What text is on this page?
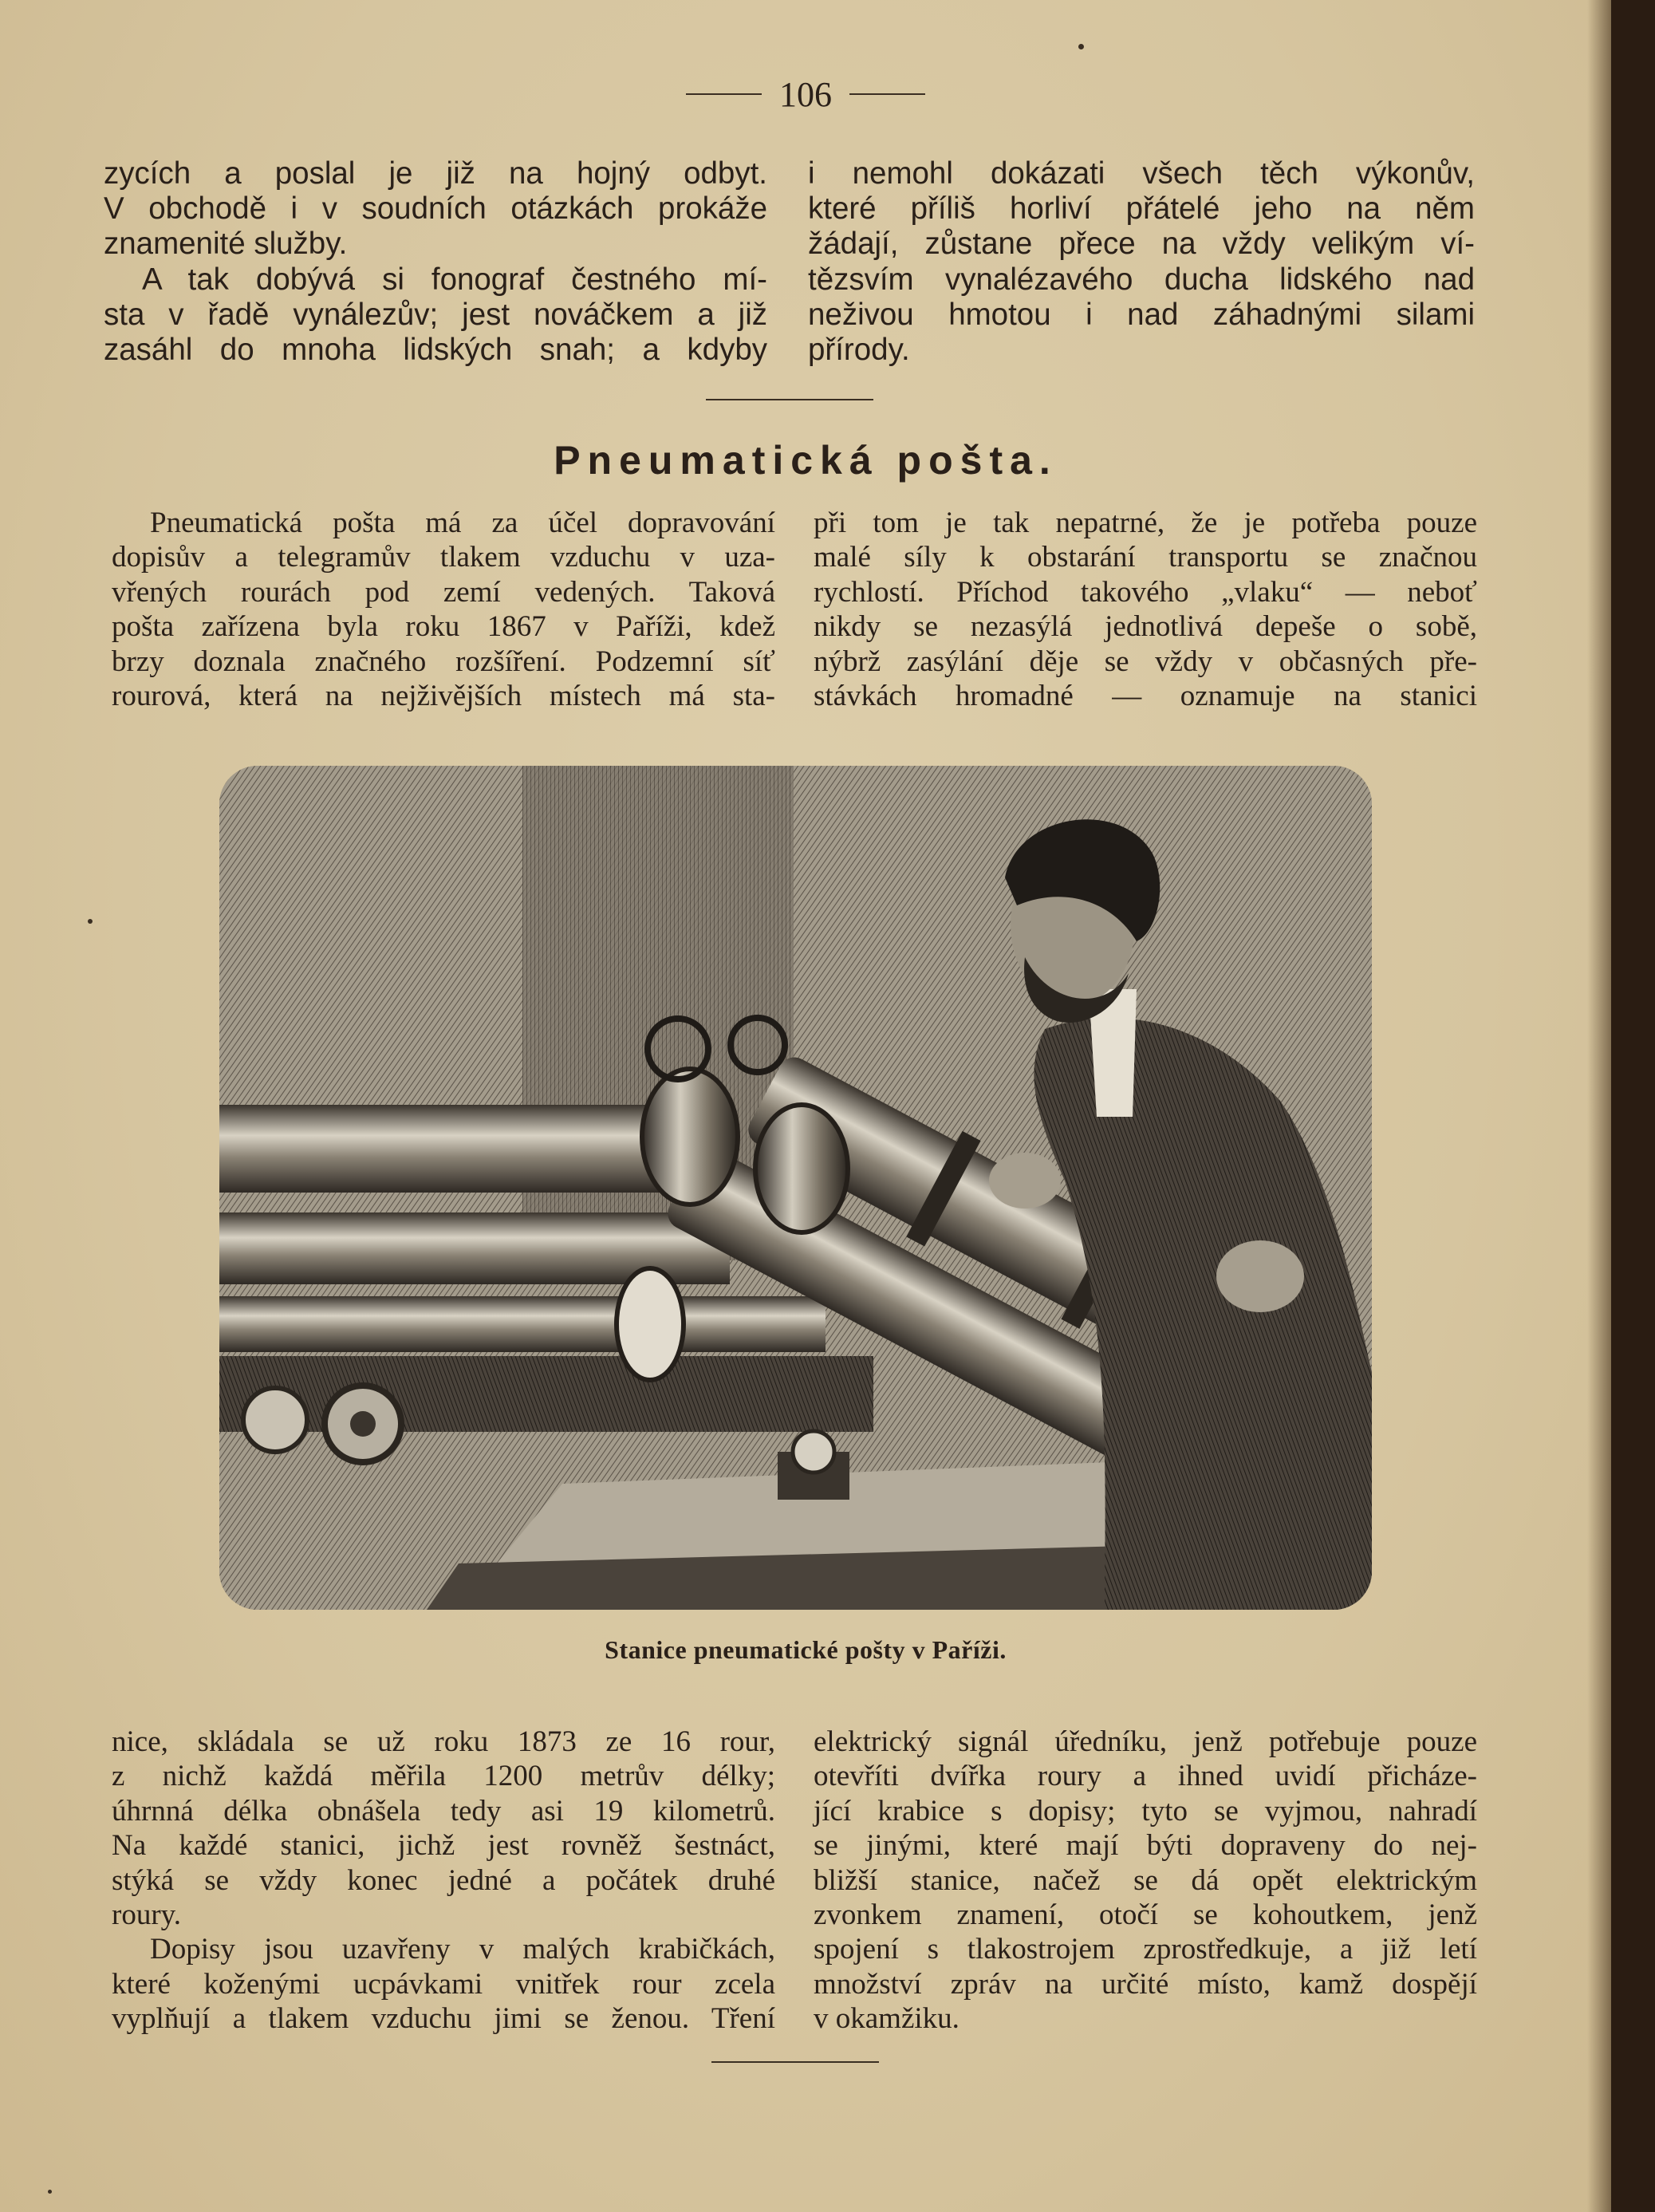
106

zycích a poslal je již na hojný odbyt.

V obchodě i v soudních otázkách prokáže

znamenité služby.

A tak dobývá si fonograf čestného mí-

sta v řadě vynálezův; jest nováčkem a již

zasáhl do mnoha lidských snah; a kdyby

i nemohl dokázati všech těch výkonův,

které příliš horliví přátelé jeho na něm

žádají, zůstane přece na vždy velikým ví-

tězsvím vynalézavého ducha lidského nad

neživou hmotou i nad záhadnými silami

přírody.

Pneumatická pošta.

Pneumatická pošta má za účel dopravování

dopisův a telegramův tlakem vzduchu v uza-

vřených rourách pod zemí vedených. Taková

pošta zařízena byla roku 1867 v Paříži, kdež

brzy doznala značného rozšíření. Podzemní síť

rourová, která na nejživějších místech má sta-

při tom je tak nepatrné, že je potřeba pouze

malé síly k obstarání transportu se značnou

rychlostí. Příchod takového „vlaku“ — neboť

nikdy se nezasýlá jednotlivá depeše o sobě,

nýbrž zasýlání děje se vždy v občasných pře-

stávkách hromadné — oznamuje na stanici

Stanice pneumatické pošty v Paříži.

nice, skládala se už roku 1873 ze 16 rour,

z nichž každá měřila 1200 metrův délky;

úhrnná délka obnášela tedy asi 19 kilometrů.

Na každé stanici, jichž jest rovněž šestnáct,

stýká se vždy konec jedné a počátek druhé

roury.

Dopisy jsou uzavřeny v malých krabičkách,

které koženými ucpávkami vnitřek rour zcela

vyplňují a tlakem vzduchu jimi se ženou. Tření

elektrický signál úředníku, jenž potřebuje pouze

otevříti dvířka roury a ihned uvidí přicháze-

jící krabice s dopisy; tyto se vyjmou, nahradí

se jinými, které mají býti dopraveny do nej-

bližší stanice, načež se dá opět elektrickým

zvonkem znamení, otočí se kohoutkem, jenž

spojení s tlakostrojem zprostředkuje, a již letí

množství zpráv na určité místo, kamž dospějí

v okamžiku.
